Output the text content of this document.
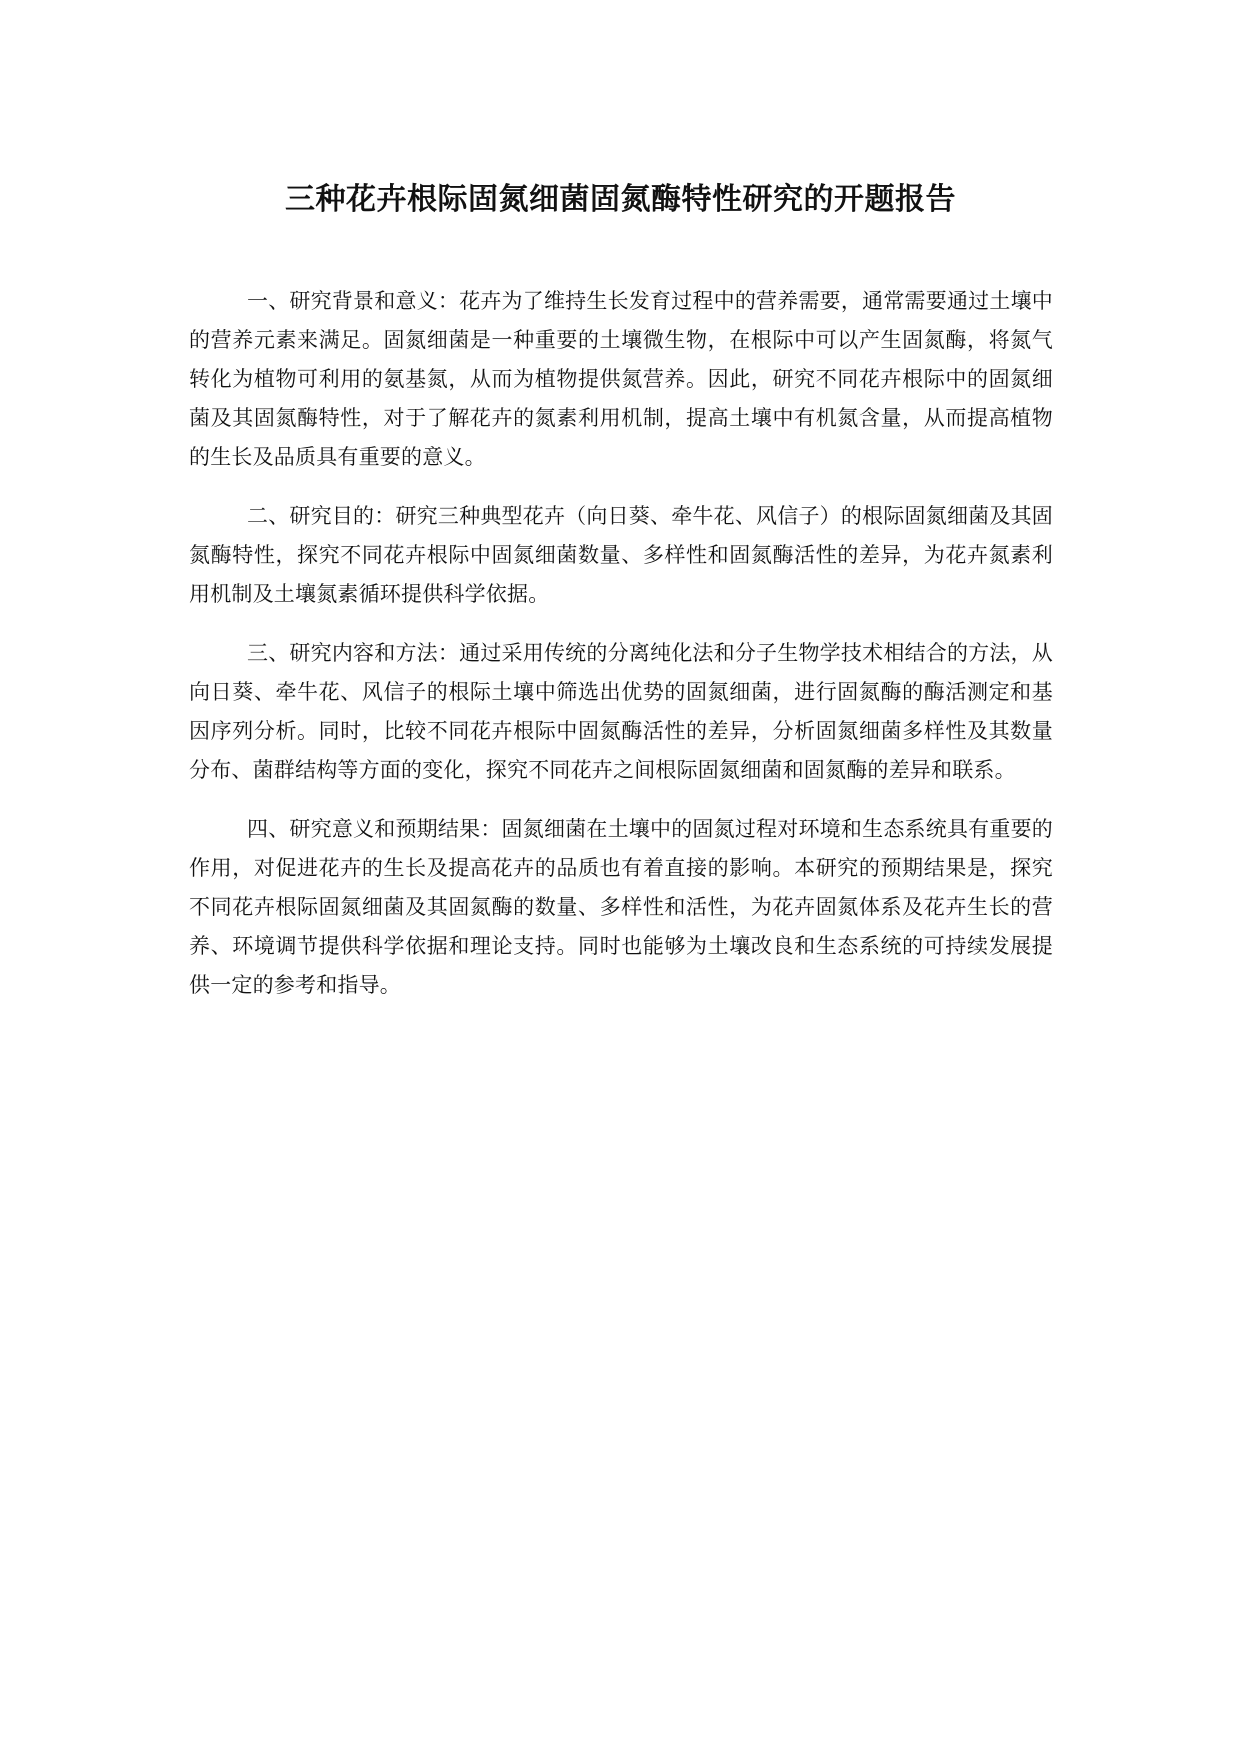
三种花卉根际固氮细菌固氮酶特性研究的开题报告

一、研究背景和意义：花卉为了维持生长发育过程中的营养需要，通常需要通过土壤中的营养元素来满足。固氮细菌是一种重要的土壤微生物，在根际中可以产生固氮酶，将氮气转化为植物可利用的氨基氮，从而为植物提供氮营养。因此，研究不同花卉根际中的固氮细菌及其固氮酶特性，对于了解花卉的氮素利用机制，提高土壤中有机氮含量，从而提高植物的生长及品质具有重要的意义。

二、研究目的：研究三种典型花卉（向日葵、牵牛花、风信子）的根际固氮细菌及其固氮酶特性，探究不同花卉根际中固氮细菌数量、多样性和固氮酶活性的差异，为花卉氮素利用机制及土壤氮素循环提供科学依据。

三、研究内容和方法：通过采用传统的分离纯化法和分子生物学技术相结合的方法，从向日葵、牵牛花、风信子的根际土壤中筛选出优势的固氮细菌，进行固氮酶的酶活测定和基因序列分析。同时，比较不同花卉根际中固氮酶活性的差异，分析固氮细菌多样性及其数量分布、菌群结构等方面的变化，探究不同花卉之间根际固氮细菌和固氮酶的差异和联系。

四、研究意义和预期结果：固氮细菌在土壤中的固氮过程对环境和生态系统具有重要的作用，对促进花卉的生长及提高花卉的品质也有着直接的影响。本研究的预期结果是，探究不同花卉根际固氮细菌及其固氮酶的数量、多样性和活性，为花卉固氮体系及花卉生长的营养、环境调节提供科学依据和理论支持。同时也能够为土壤改良和生态系统的可持续发展提供一定的参考和指导。
